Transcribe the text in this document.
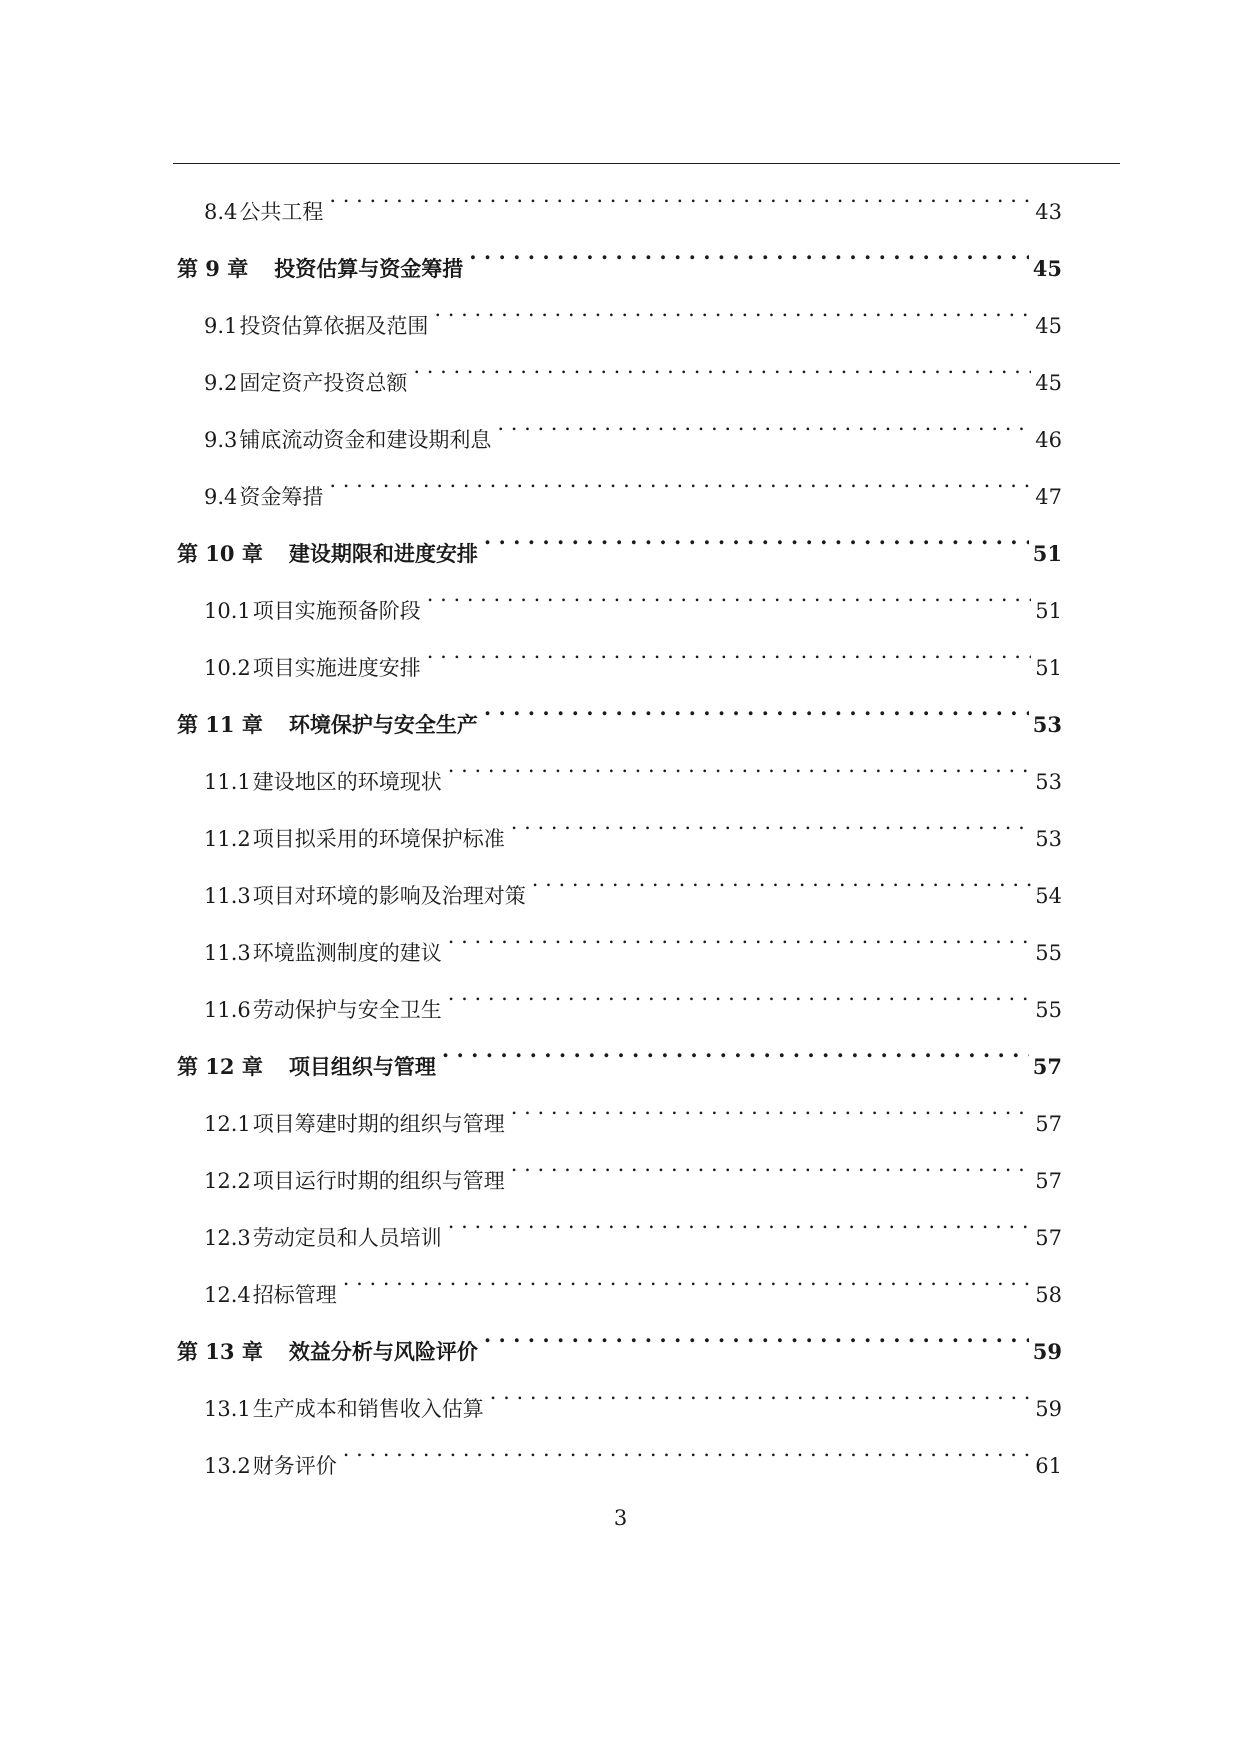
8.4 公共工程 . . .	43
第 9 章 投资估算与资金筹措 . . .	45
9.1 投资估算依据及范围 . . .	45
9.2 固定资产投资总额 . . .	45
9.3 铺底流动资金和建设期利息 . . .	46
9.4 资金筹措 . . .	47
第 10 章 建设期限和进度安排 . . .	51
10.1 项目实施预备阶段 . . .	51
10.2 项目实施进度安排 . . .	51
第 11 章 环境保护与安全生产 . . .	53
11.1 建设地区的环境现状 . . .	53
11.2 项目拟采用的环境保护标准 . . .	53
11.3 项目对环境的影响及治理对策 . . .	54
11.3 环境监测制度的建议 . . .	55
11.6 劳动保护与安全卫生 . . .	55
第 12 章 项目组织与管理 . . .	57
12.1 项目筹建时期的组织与管理 . . .	57
12.2 项目运行时期的组织与管理 . . .	57
12.3 劳动定员和人员培训 . . .	57
12.4 招标管理 . . .	58
第 13 章 效益分析与风险评价 . . .	59
13.1 生产成本和销售收入估算 . . .	59
13.2 财务评价 . . .	61
3
